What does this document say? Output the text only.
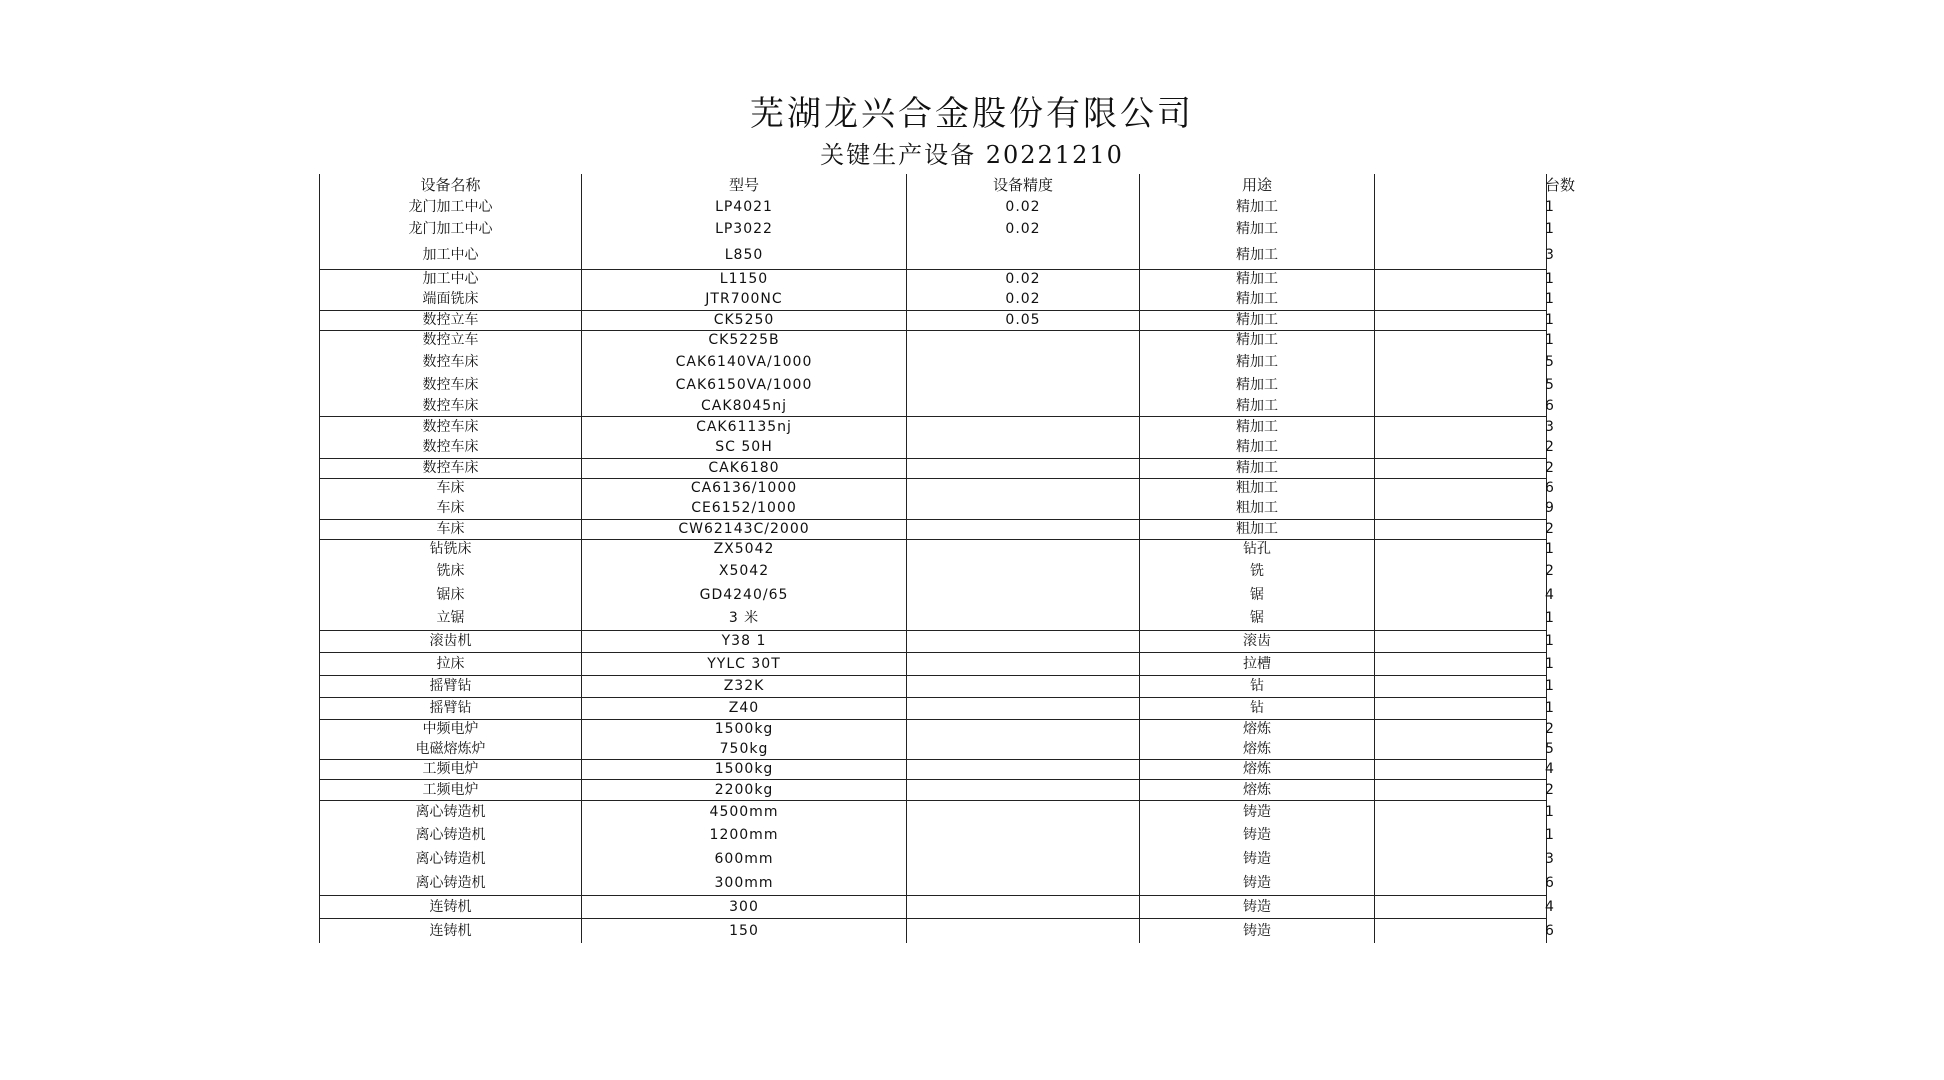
芜湖龙兴合金股份有限公司
关键生产设备 20221210
设备名称	型号	设备精度	用途	台数
龙门加工中心	LP4021	0.02	精加工	1
龙门加工中心	LP3022	0.02	精加工	1
加工中心	L850		精加工	3
加工中心	L1150	0.02	精加工	1
端面铣床	JTR700NC	0.02	精加工	1
数控立车	CK5250	0.05	精加工	1
数控立车	CK5225B		精加工	1
数控车床	CAK6140VA/1000		精加工	5
数控车床	CAK6150VA/1000		精加工	5
数控车床	CAK8045nj		精加工	6
数控车床	CAK61135nj		精加工	3
数控车床	SC 50H		精加工	2
数控车床	CAK6180		精加工	2
车床	CA6136/1000		粗加工	6
车床	CE6152/1000		粗加工	9
车床	CW62143C/2000		粗加工	2
钻铣床	ZX5042		钻孔	1
铣床	X5042		铣	2
锯床	GD4240/65		锯	4
立锯	3 米		锯	1
滚齿机	Y38 1		滚齿	1
拉床	YYLC 30T		拉槽	1
摇臂钻	Z32K		钻	1
摇臂钻	Z40		钻	1
中频电炉	1500kg		熔炼	2
电磁熔炼炉	750kg		熔炼	5
工频电炉	1500kg		熔炼	4
工频电炉	2200kg		熔炼	2
离心铸造机	4500mm		铸造	1
离心铸造机	1200mm		铸造	1
离心铸造机	600mm		铸造	3
离心铸造机	300mm		铸造	6
连铸机	300		铸造	4
连铸机	150		铸造	6
